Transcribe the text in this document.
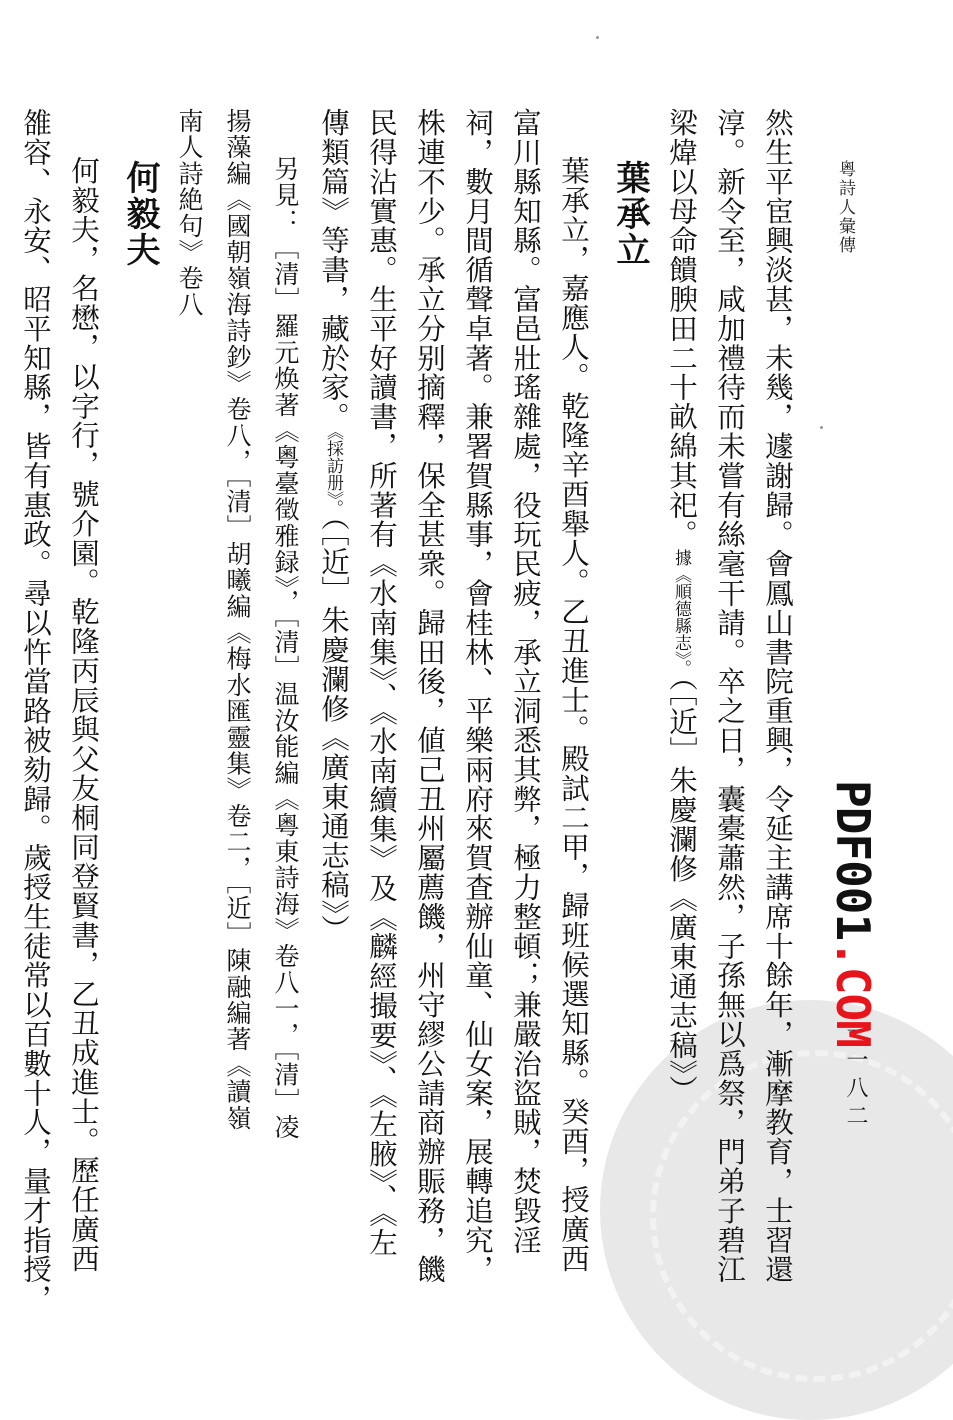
粵詩人彙傳
一一八二
PDF001.COM
然生平宦興淡甚，未幾，遽謝歸。會鳳山書院重興，令延主講席十餘年，漸摩教育，士習還
淳。新令至，咸加禮待而未嘗有絲毫干請。卒之日，囊橐蕭然，子孫無以爲祭，門弟子碧江
梁煒以母命饋腴田二十畝綿其祀。據《順德縣志》。（［近］朱慶瀾修《廣東通志稿》）
葉承立
葉承立，嘉應人。乾隆辛酉舉人。乙丑進士。殿試二甲，歸班候選知縣。癸酉，授廣西
富川縣知縣。富邑壯瑤雜處，役玩民疲，承立洞悉其弊，極力整頓；兼嚴治盜賊，焚毀淫
祠，數月間循聲卓著。兼署賀縣事，會桂林、平樂兩府來賀査辦仙童、仙女案，展轉追究，
株連不少。承立分别摘釋，保全甚衆。歸田後，値己丑州屬薦饑，州守繆公請商辦賑務，饑
民得沾實惠。生平好讀書，所著有《水南集》、《水南續集》及《麟經撮要》、《左腋》、《左
傳類篇》等書，藏於家。《採訪册》。（［近］朱慶瀾修《廣東通志稿》）
另見：［清］羅元焕著《粵臺徵雅録》，［清］温汝能編《粵東詩海》卷八一，［清］凌
揚藻編《國朝嶺海詩鈔》卷八，［清］胡曦編《梅水匯靈集》卷二，［近］陳融編著《讀嶺
南人詩絶句》卷八
何毅夫
何毅夫，名懋，以字行，號介園。乾隆丙辰與父友桐同登賢書，乙丑成進士。歷任廣西
雒容、永安、昭平知縣，皆有惠政。尋以忤當路被劾歸。歲授生徒常以百數十人，量才指授，
